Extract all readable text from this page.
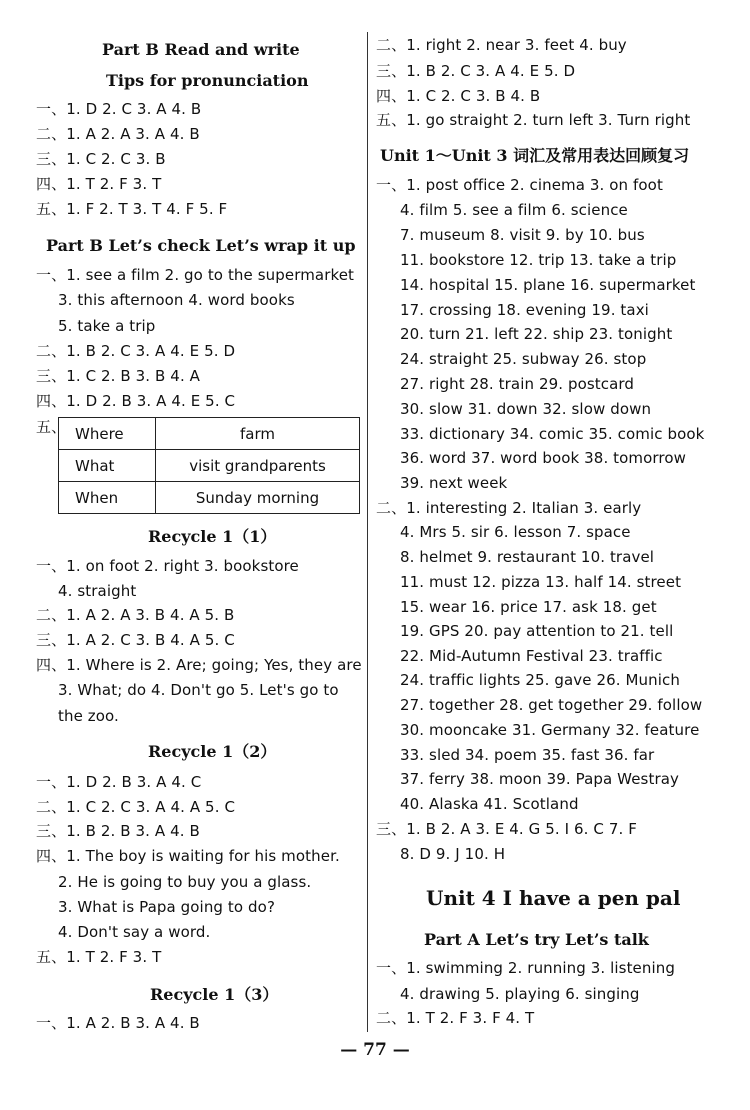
Part B Read and write
Tips for pronunciation
一、1. D 2. C 3. A 4. B
二、1. A 2. A 3. A 4. B
三、1. C 2. C 3. B
四、1. T 2. F 3. T
五、1. F 2. T 3. T 4. F 5. F
Part B Let’s check Let’s wrap it up
一、1. see a film 2. go to the supermarket
3. this afternoon 4. word books
5. take a trip
二、1. B 2. C 3. A 4. E 5. D
三、1. C 2. B 3. B 4. A
四、1. D 2. B 3. A 4. E 5. C
五、
Recycle 1（1）
一、1. on foot 2. right 3. bookstore
4. straight
二、1. A 2. A 3. B 4. A 5. B
三、1. A 2. C 3. B 4. A 5. C
四、1. Where is 2. Are; going; Yes, they are
3. What; do 4. Don't go 5. Let's go to
the zoo.
Recycle 1（2）
一、1. D 2. B 3. A 4. C
二、1. C 2. C 3. A 4. A 5. C
三、1. B 2. B 3. A 4. B
四、1. The boy is waiting for his mother.
2. He is going to buy you a glass.
3. What is Papa going to do?
4. Don't say a word.
五、1. T 2. F 3. T
Recycle 1（3）
一、1. A 2. B 3. A 4. B
二、1. right 2. near 3. feet 4. buy
三、1. B 2. C 3. A 4. E 5. D
四、1. C 2. C 3. B 4. B
五、1. go straight 2. turn left 3. Turn right
Unit 1～Unit 3 词汇及常用表达回顾复习
一、1. post office 2. cinema 3. on foot
4. film 5. see a film 6. science
7. museum 8. visit 9. by 10. bus
11. bookstore 12. trip 13. take a trip
14. hospital 15. plane 16. supermarket
17. crossing 18. evening 19. taxi
20. turn 21. left 22. ship 23. tonight
24. straight 25. subway 26. stop
27. right 28. train 29. postcard
30. slow 31. down 32. slow down
33. dictionary 34. comic 35. comic book
36. word 37. word book 38. tomorrow
39. next week
二、1. interesting 2. Italian 3. early
4. Mrs 5. sir 6. lesson 7. space
8. helmet 9. restaurant 10. travel
11. must 12. pizza 13. half 14. street
15. wear 16. price 17. ask 18. get
19. GPS 20. pay attention to 21. tell
22. Mid-Autumn Festival 23. traffic
24. traffic lights 25. gave 26. Munich
27. together 28. get together 29. follow
30. mooncake 31. Germany 32. feature
33. sled 34. poem 35. fast 36. far
37. ferry 38. moon 39. Papa Westray
40. Alaska 41. Scotland
三、1. B 2. A 3. E 4. G 5. I 6. C 7. F
8. D 9. J 10. H
Unit 4 I have a pen pal
Part A Let’s try Let’s talk
一、1. swimming 2. running 3. listening
4. drawing 5. playing 6. singing
二、1. T 2. F 3. F 4. T
Where	farm
What	visit grandparents
When	Sunday morning
— 77 —
